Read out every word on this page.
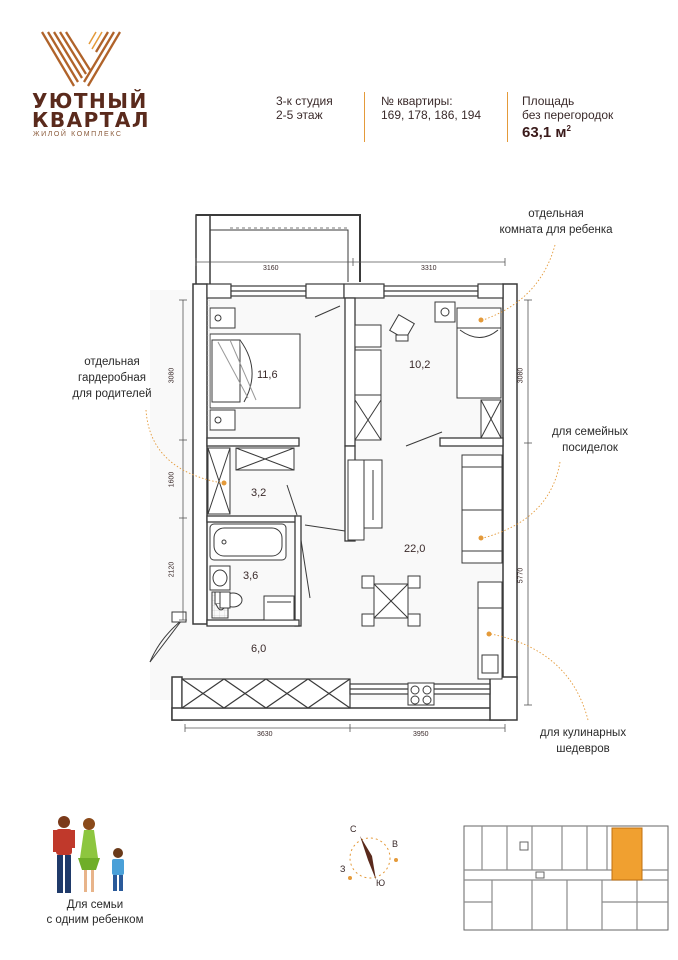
УЮТНЫЙ
КВАРТАЛ
ЖИЛОЙ КОМПЛЕКС
3-к студия
2-5 этаж
№ квартиры:
169, 178, 186, 194
Площадь
без перегородок
63,1 $м^2$
11,6
10,2
3,2
3,6
22,0
6,0
3160	3310
3630	3950
3080
1600
2120
3080
5770
отдельная
комната для ребенка
отдельная
гардеробная
для родителей
для семейных
посиделок
для кулинарных
шедевров
Для семьи
с одним ребенком
С
В
Ю
З
